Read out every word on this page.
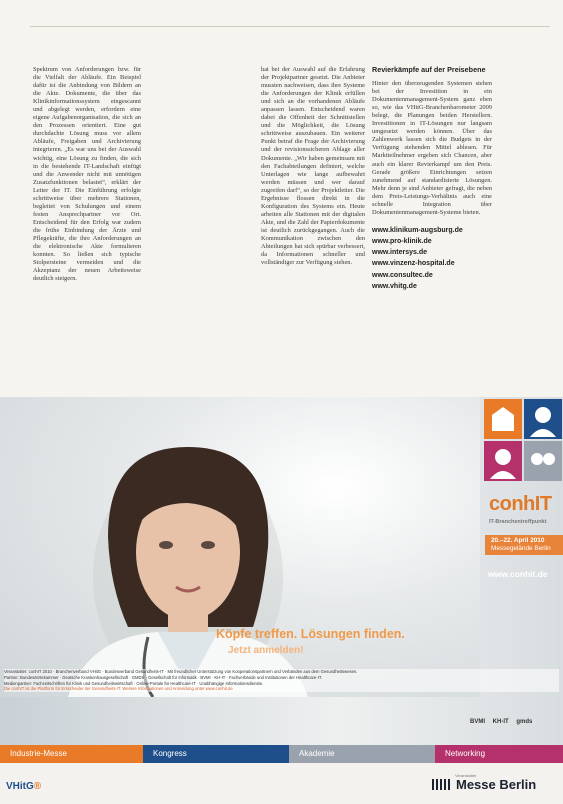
Spektrum von Anforderungen bzw. für die Vielfalt der Abläufe. Ein Beispiel dafür ist die Anbindung von Bildern an die Akte. Dokumente, die über das Klinikinformationssystem eingescannt und abgelegt werden, erfordern eine eigene Aufgabenorganisation, die sich an den Prozessen orientiert. Eine gut durchdachte Lösung muss vor allem Abläufe, Freigaben und Archivierung integrieren. „Es war uns bei der Auswahl wichtig, eine Lösung zu finden, die sich in die bestehende IT-Landschaft einfügt und die Anwender nicht mit unnötigen Zusatzfunktionen belastet“, erklärt der Leiter der IT. Die Einführung erfolgte schrittweise über mehrere Stationen, begleitet von Schulungen und einem festen Ansprechpartner vor Ort. Entscheidend für den Erfolg war zudem die frühe Einbindung der Ärzte und Pflegekräfte, die ihre Anforderungen an die elektronische Akte formulieren konnten. So ließen sich typische Stolpersteine vermeiden und die Akzeptanz der neuen Arbeitsweise deutlich steigern.

hat bei der Auswahl auf die Erfahrung der Projektpartner gesetzt. Die Anbieter mussten nachweisen, dass ihre Systeme die Anforderungen der Klinik erfüllen und sich an die vorhandenen Abläufe anpassen lassen. Entscheidend waren dabei die Offenheit der Schnittstellen und die Möglichkeit, die Lösung schrittweise auszubauen. Ein weiterer Punkt betraf die Frage der Archivierung und der revisionssicheren Ablage aller Dokumente. „Wir haben gemeinsam mit den Fachabteilungen definiert, welche Unterlagen wie lange aufbewahrt werden müssen und wer darauf zugreifen darf“, so der Projektleiter. Die Ergebnisse flossen direkt in die Konfiguration des Systems ein. Heute arbeiten alle Stationen mit der digitalen Akte, und die Zahl der Papierdokumente ist deutlich zurückgegangen. Auch die Kommunikation zwischen den Abteilungen hat sich spürbar verbessert, da Informationen schneller und vollständiger zur Verfügung stehen.

Revierkämpfe auf der Preisebene

Hinter den überzeugenden Systemen stehen bei der Investition in ein Dokumentenmanagement-System ganz eben so, wie das VHitG-Branchenbarometer 2009 belegt, die Planungen beiden Herstellern. Investitionen in IT-Lösungen nur langsam umgesetzt werden können. Über das Zahlenwerk lassen sich die Budgets in der Verfügung stehenden Mittel ablesen. Für Marktteilnehmer ergeben sich Chancen, aber auch ein klarer Revierkampf um den Preis. Gerade größere Einrichtungen setzen zunehmend auf standardisierte Lösungen. Mehr denn je sind Anbieter gefragt, die neben dem Preis-Leistungs-Verhältnis auch eine schnelle Integration über Dokumentenmanagement-Systeme bieten.

www.klinikum-augsburg.de
www.pro-klinik.de
www.intersys.de
www.vinzenz-hospital.de
www.consultec.de
www.vhitg.de
conhIT
IT-Branchentreffpunkt
20.–22. April 2010
Messegelände Berlin
www.conhit.de
Köpfe treffen. Lösungen finden.
Jetzt anmelden!

Veranstalter: conhIT 2010 · Branchenverband VHitG · Bundesverband Gesundheits-IT · Mit freundlicher Unterstützung von Kooperationspartnern und Verbänden aus dem Gesundheitswesen.

Partner: Bundesärztekammer · Deutsche Krankenhausgesellschaft · GMDS · Gesellschaft für Informatik · BVMI · KH-IT · Fachverbände und Institutionen der Healthcare-IT.

Medienpartner: Fachzeitschriften für Klinik und Gesundheitswirtschaft · Online-Portale für Healthcare-IT · Unabhängige Informationsdienste.

Die conhIT ist die Plattform für Entscheider der Gesundheits-IT. Weitere Informationen und Anmeldung unter www.conhit.de

BVMI KH-IT gmds
Industrie-Messe	Kongress	Akademie	Networking
VHitG®
Veranstalter
Messe Berlin
